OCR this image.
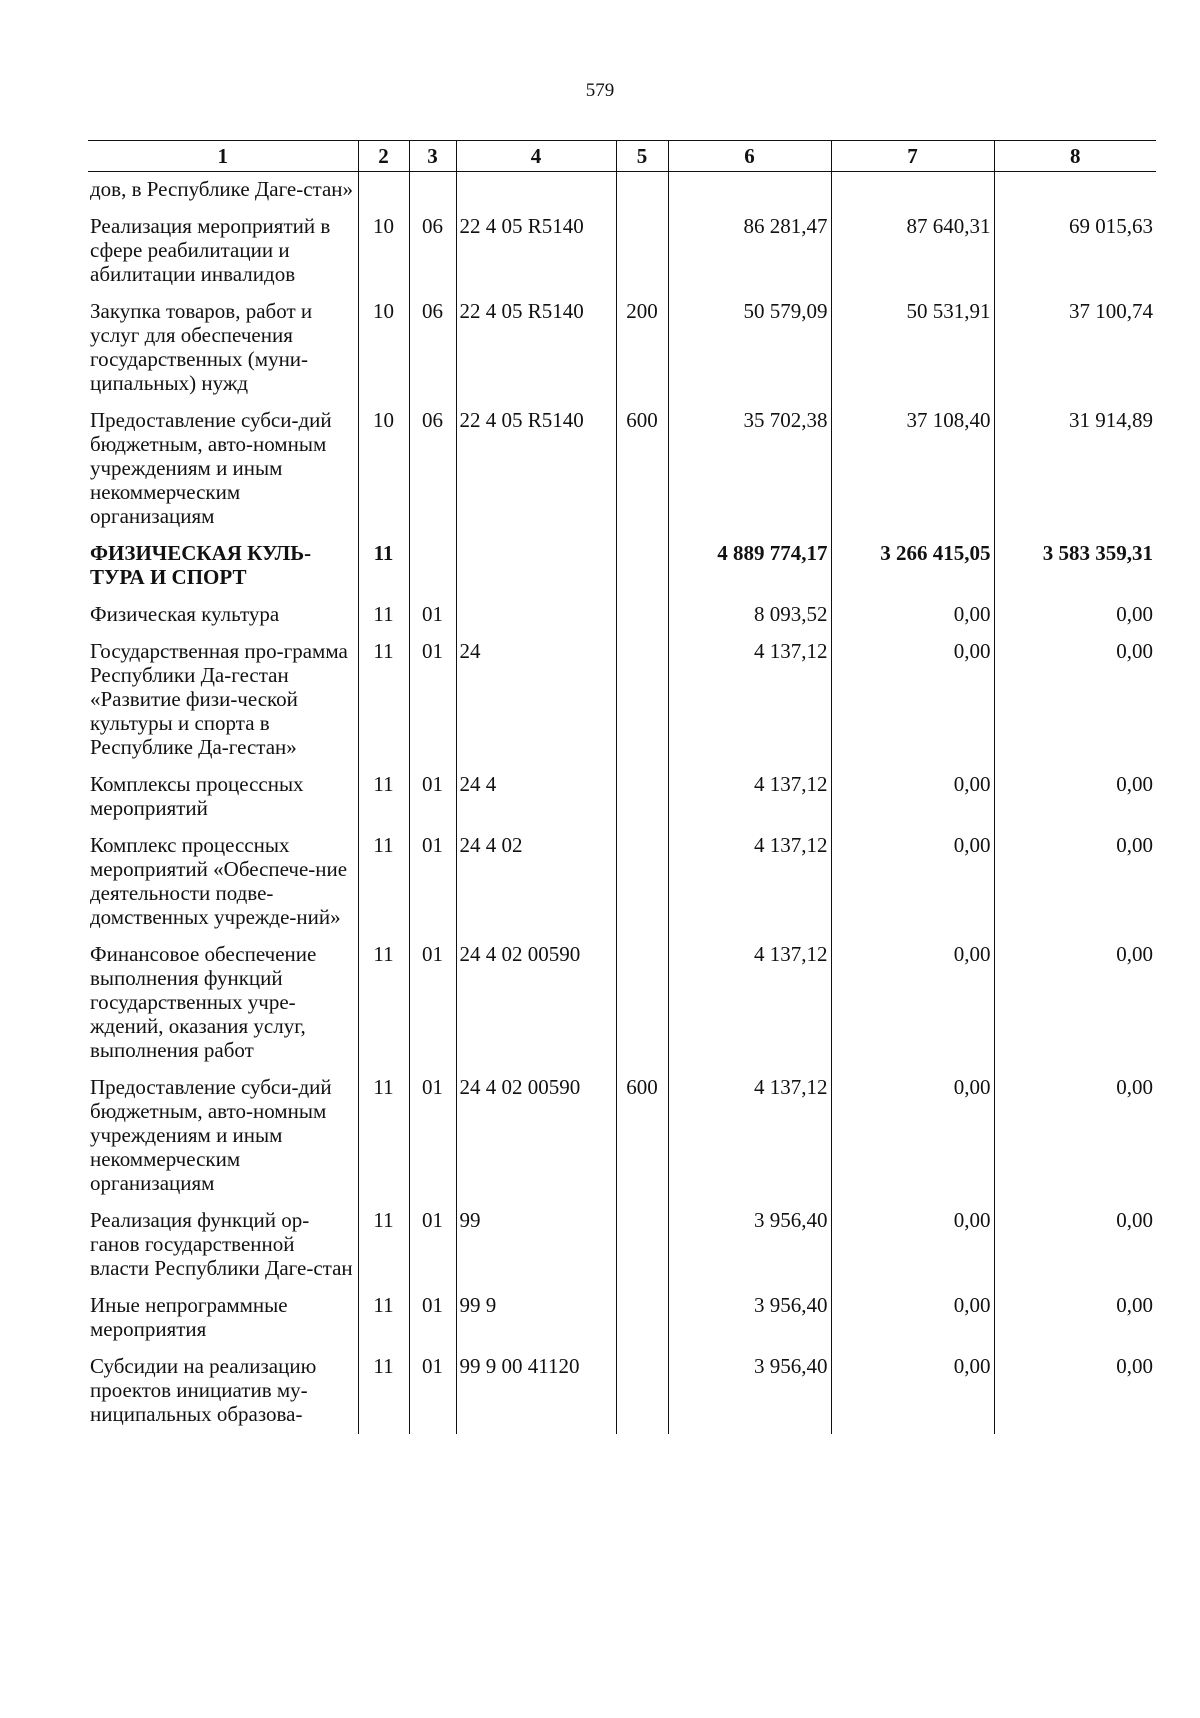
579
1	2	3	4	5	6	7	8
дов, в Республике Даге-стан»							
Реализация мероприятий в сфере реабилитации и абилитации инвалидов	10	06	22 4 05 R5140		86 281,47	87 640,31	69 015,63
Закупка товаров, работ и услуг для обеспечения государственных (муни-ципальных) нужд	10	06	22 4 05 R5140	200	50 579,09	50 531,91	37 100,74
Предоставление субси-дий бюджетным, авто-номным учреждениям и иным некоммерческим организациям	10	06	22 4 05 R5140	600	35 702,38	37 108,40	31 914,89
ФИЗИЧЕСКАЯ КУЛЬ-ТУРА И СПОРТ	11				4 889 774,17	3 266 415,05	3 583 359,31
Физическая культура	11	01			8 093,52	0,00	0,00
Государственная про-грамма Республики Да-гестан «Развитие физи-ческой культуры и спорта в Республике Да-гестан»	11	01	24		4 137,12	0,00	0,00
Комплексы процессных мероприятий	11	01	24 4		4 137,12	0,00	0,00
Комплекс процессных мероприятий «Обеспече-ние деятельности подве-домственных учрежде-ний»	11	01	24 4 02		4 137,12	0,00	0,00
Финансовое обеспечение выполнения функций государственных учре-ждений, оказания услуг, выполнения работ	11	01	24 4 02 00590		4 137,12	0,00	0,00
Предоставление субси-дий бюджетным, авто-номным учреждениям и иным некоммерческим организациям	11	01	24 4 02 00590	600	4 137,12	0,00	0,00
Реализация функций ор-ганов государственной власти Республики Даге-стан	11	01	99		3 956,40	0,00	0,00
Иные непрограммные мероприятия	11	01	99 9		3 956,40	0,00	0,00
Субсидии на реализацию проектов инициатив му-ниципальных образова-	11	01	99 9 00 41120		3 956,40	0,00	0,00
